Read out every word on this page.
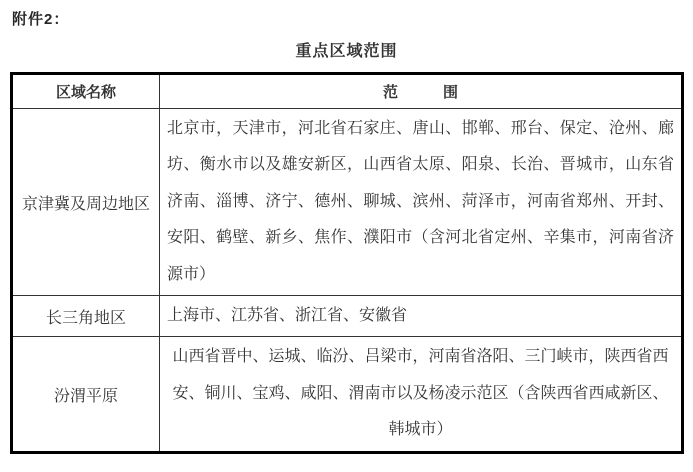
附件2：
重点区域范围
区域名称	范　　　围
京津冀及周边地区	北京市，天津市，河北省石家庄、唐山、邯郸、邢台、保定、沧州、廊坊、衡水市以及雄安新区，山西省太原、阳泉、长治、晋城市，山东省济南、淄博、济宁、德州、聊城、滨州、菏泽市，河南省郑州、开封、安阳、鹤壁、新乡、焦作、濮阳市（含河北省定州、辛集市，河南省济源市）
长三角地区	上海市、江苏省、浙江省、安徽省
汾渭平原	山西省晋中、运城、临汾、吕梁市，河南省洛阳、三门峡市，陕西省西安、铜川、宝鸡、咸阳、渭南市以及杨凌示范区（含陕西省西咸新区、韩城市）
